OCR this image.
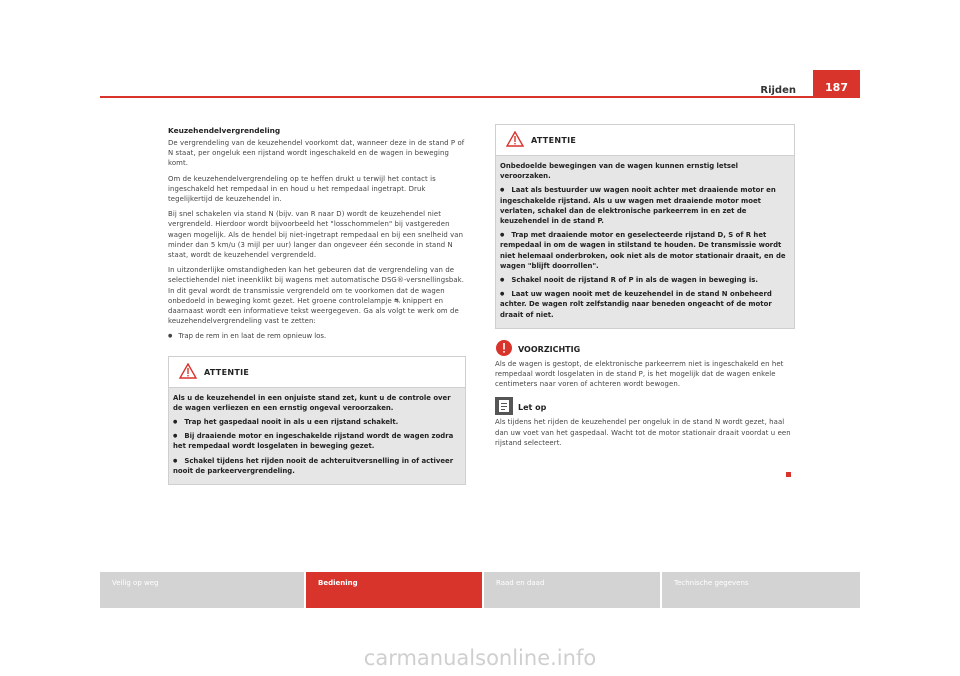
Rijden	187
Keuzehendelvergrendeling

De vergrendeling van de keuzehendel voorkomt dat, wanneer deze in de stand P of N staat, per ongeluk een rijstand wordt ingeschakeld en de wagen in beweging komt.

Om de keuzehendelvergrendeling op te heffen drukt u terwijl het contact is ingeschakeld het rempedaal in en houd u het rempedaal ingetrapt. Druk tegelijkertijd de keuzehendel in.

Bij snel schakelen via stand N (bijv. van R naar D) wordt de keuzehendel niet vergrendeld. Hierdoor wordt bijvoorbeeld het "losschommelen" bij vastgereden wagen mogelijk. Als de hendel bij niet-ingetrapt rempedaal en bij een snelheid van minder dan 5 km/u (3 mijl per uur) langer dan ongeveer één seconde in stand N staat, wordt de keuzehendel vergrendeld.

In uitzonderlijke omstandigheden kan het gebeuren dat de vergrendeling van de selectiehendel niet ineenklikt bij wagens met automatische DSG®-versnellingsbak. In dit geval wordt de transmissie vergrendeld om te voorkomen dat de wagen onbedoeld in beweging komt gezet. Het groene controlelampje ⛐ knippert en daarnaast wordt een informatieve tekst weergegeven. Ga als volgt te werk om de keuzehendelvergrendeling vast te zetten:

● Trap de rem in en laat de rem opnieuw los.

ATTENTIE

Als u de keuzehendel in een onjuiste stand zet, kunt u de controle over de wagen verliezen en een ernstig ongeval veroorzaken.

● Trap het gaspedaal nooit in als u een rijstand schakelt.

● Bij draaiende motor en ingeschakelde rijstand wordt de wagen zodra het rempedaal wordt losgelaten in beweging gezet.

● Schakel tijdens het rijden nooit de achteruitversnelling in of activeer nooit de parkeervergrendeling.

ATTENTIE

Onbedoelde bewegingen van de wagen kunnen ernstig letsel veroorzaken.

● Laat als bestuurder uw wagen nooit achter met draaiende motor en ingeschakelde rijstand. Als u uw wagen met draaiende motor moet verlaten, schakel dan de elektronische parkeerrem in en zet de keuzehendel in de stand P.

● Trap met draaiende motor en geselecteerde rijstand D, S of R het rempedaal in om de wagen in stilstand te houden. De transmissie wordt niet helemaal onderbroken, ook niet als de motor stationair draait, en de wagen "blijft doorrollen".

● Schakel nooit de rijstand R of P in als de wagen in beweging is.

● Laat uw wagen nooit met de keuzehendel in de stand N onbeheerd achter. De wagen rolt zelfstandig naar beneden ongeacht of de motor draait of niet.

VOORZICHTIG

Als de wagen is gestopt, de elektronische parkeerrem niet is ingeschakeld en het rempedaal wordt losgelaten in de stand P, is het mogelijk dat de wagen enkele centimeters naar voren of achteren wordt bewogen.

Let op

Als tijdens het rijden de keuzehendel per ongeluk in de stand N wordt gezet, haal dan uw voet van het gaspedaal. Wacht tot de motor stationair draait voordat u een rijstand selecteert.

Veilig op weg	Bediening	Raad en daad	Technische gegevens
carmanualsonline.info
